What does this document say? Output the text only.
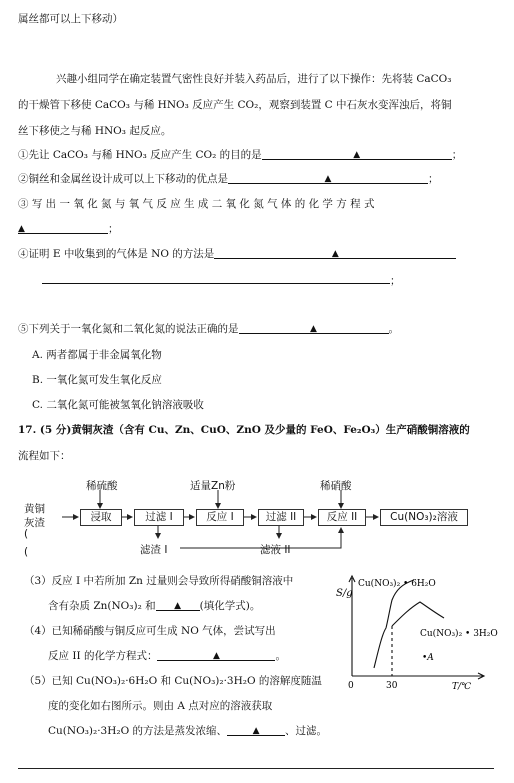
属丝都可以上下移动）
兴趣小组同学在确定装置气密性良好并装入药品后，进行了以下操作：先将装 CaCO₃
的干燥管下移使 CaCO₃ 与稀 HNO₃ 反应产生 CO₂，观察到装置 C 中石灰水变浑浊后，将铜
丝下移使之与稀 HNO₃ 起反应。
①先让 CaCO₃ 与稀 HNO₃ 反应产生 CO₂ 的目的是	▲	；
②铜丝和金属丝设计成可以上下移动的优点是	▲	；
③ 写 出 一 氧 化 氮 与 氧 气 反 应 生 成 二 氧 化 氮 气 体 的 化 学 方 程 式
▲	；
④证明 E 中收集到的气体是 NO 的方法是	▲
；
⑤下列关于一氧化氮和二氧化氮的说法正确的是	▲	。
A. 两者都属于非金属氧化物
B. 一氧化氮可发生氧化反应
C. 二氧化氮可能被氢氧化钠溶液吸收
17. (5 分)黄铜灰渣（含有 Cu、Zn、CuO、ZnO 及少量的 FeO、Fe₂O₃）生产硝酸铜溶液的
流程如下：
稀硫酸	适量Zn粉	稀硝酸
黄铜
灰渣	浸取	过滤 I	反应 I	过滤 II	反应 II	Cu(NO₃)₂溶液
(
(	滤渣 I	滤液 II
（3）反应 I 中若所加 Zn 过量则会导致所得硝酸铜溶液中
含有杂质 Zn(NO₃)₂ 和 ▲ (填化学式)。
（4）已知稀硝酸与铜反应可生成 NO 气体，尝试写出
反应 II 的化学方程式：	▲	。
（5）已知 Cu(NO₃)₂·6H₂O 和 Cu(NO₃)₂·3H₂O 的溶解度随温
度的变化如右图所示。则由 A 点对应的溶液获取
Cu(NO₃)₂·3H₂O 的方法是蒸发浓缩、	▲ 、过滤。
S/g
Cu(NO₃)₂ • 6H₂O
Cu(NO₃)₂ • 3H₂O
•A
0	30	T/℃
